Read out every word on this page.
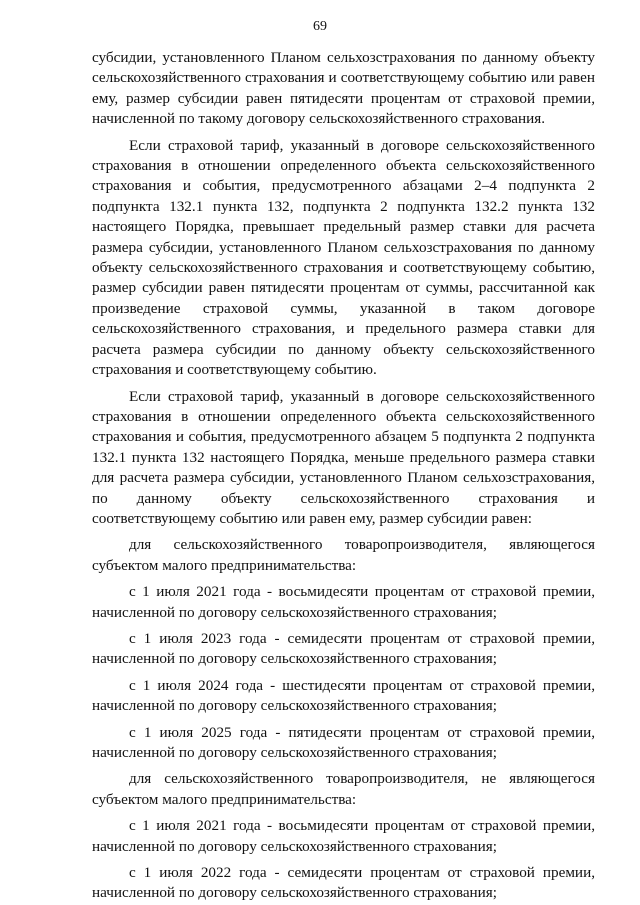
69

субсидии, установленного Планом сельхозстрахования по данному объекту сельскохозяйственного страхования и соответствующему событию или равен ему, размер субсидии равен пятидесяти процентам от страховой премии, начисленной по такому договору сельскохозяйственного страхования.

Если страховой тариф, указанный в договоре сельскохозяйственного страхования в отношении определенного объекта сельскохозяйственного страхования и события, предусмотренного абзацами 2–4 подпункта 2 подпункта 132.1 пункта 132, подпункта 2 подпункта 132.2 пункта 132 настоящего Порядка, превышает предельный размер ставки для расчета размера субсидии, установленного Планом сельхозстрахования по данному объекту сельскохозяйственного страхования и соответствующему событию, размер субсидии равен пятидесяти процентам от суммы, рассчитанной как произведение страховой суммы, указанной в таком договоре сельскохозяйственного страхования, и предельного размера ставки для расчета размера субсидии по данному объекту сельскохозяйственного страхования и соответствующему событию.

Если страховой тариф, указанный в договоре сельскохозяйственного страхования в отношении определенного объекта сельскохозяйственного страхования и события, предусмотренного абзацем 5 подпункта 2 подпункта 132.1 пункта 132 настоящего Порядка, меньше предельного размера ставки для расчета размера субсидии, установленного Планом сельхозстрахования, по данному объекту сельскохозяйственного страхования и соответствующему событию или равен ему, размер субсидии равен:

для сельскохозяйственного товаропроизводителя, являющегося субъектом малого предпринимательства:

с 1 июля 2021 года - восьмидесяти процентам от страховой премии, начисленной по договору сельскохозяйственного страхования;

с 1 июля 2023 года - семидесяти процентам от страховой премии, начисленной по договору сельскохозяйственного страхования;

с 1 июля 2024 года - шестидесяти процентам от страховой премии, начисленной по договору сельскохозяйственного страхования;

с 1 июля 2025 года - пятидесяти процентам от страховой премии, начисленной по договору сельскохозяйственного страхования;

для сельскохозяйственного товаропроизводителя, не являющегося субъектом малого предпринимательства:

с 1 июля 2021 года - восьмидесяти процентам от страховой премии, начисленной по договору сельскохозяйственного страхования;

с 1 июля 2022 года - семидесяти процентам от страховой премии, начисленной по договору сельскохозяйственного страхования;
